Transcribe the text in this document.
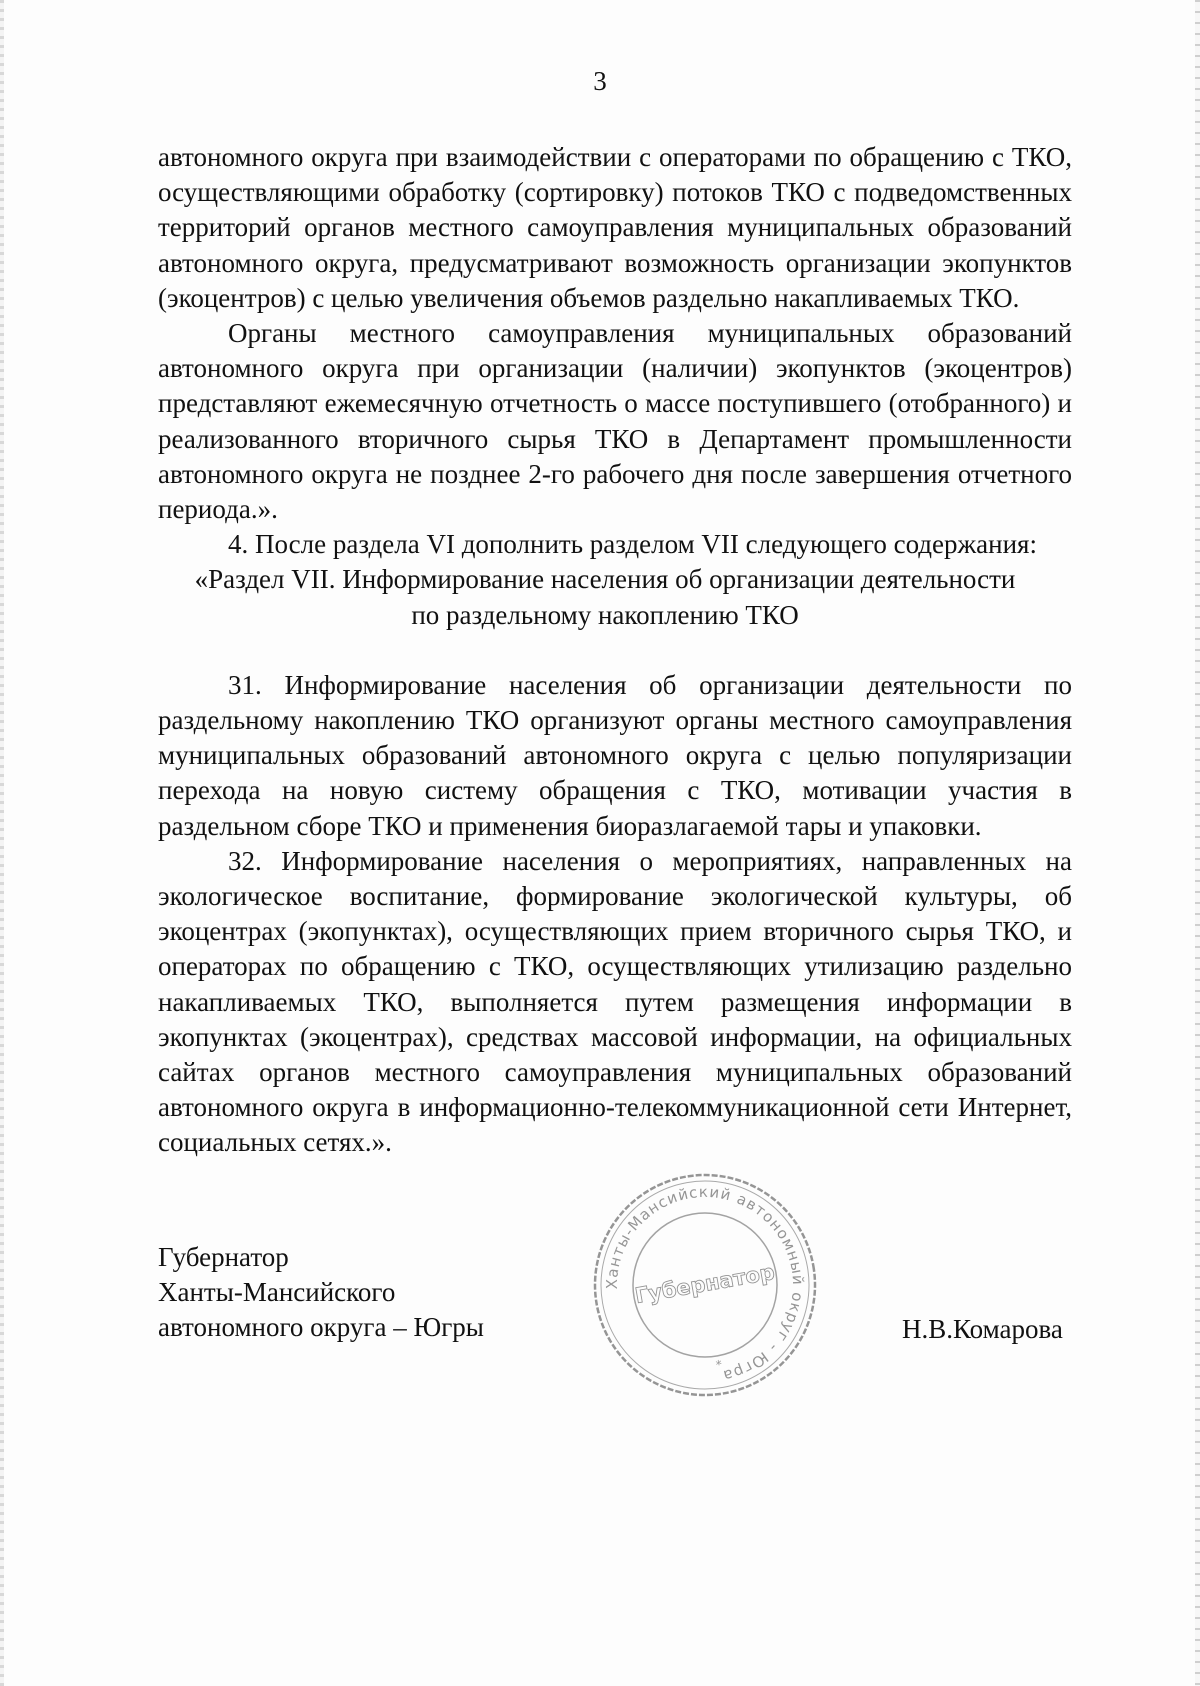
3

автономного округа при взаимодействии с операторами по обращению с ТКО, осуществляющими обработку (сортировку) потоков ТКО с подведомственных территорий органов местного самоуправления муниципальных образований автономного округа, предусматривают возможность организации экопунктов (экоцентров) с целью увеличения объемов раздельно накапливаемых ТКО.

Органы местного самоуправления муниципальных образований автономного округа при организации (наличии) экопунктов (экоцентров) представляют ежемесячную отчетность о массе поступившего (отобранного) и реализованного вторичного сырья ТКО в Департамент промышленности автономного округа не позднее 2-го рабочего дня после завершения отчетного периода.».

4. После раздела VI дополнить разделом VII следующего содержания:

«Раздел VII. Информирование населения об организации деятельности

по раздельному накоплению ТКО

31. Информирование населения об организации деятельности по раздельному накоплению ТКО организуют органы местного самоуправления муниципальных образований автономного округа с целью популяризации перехода на новую систему обращения с ТКО, мотивации участия в раздельном сборе ТКО и применения биоразлагаемой тары и упаковки.

32. Информирование населения о мероприятиях, направленных на экологическое воспитание, формирование экологической культуры, об экоцентрах (экопунктах), осуществляющих прием вторичного сырья ТКО, и операторах по обращению с ТКО, осуществляющих утилизацию раздельно накапливаемых ТКО, выполняется путем размещения информации в экопунктах (экоцентрах), средствах массовой информации, на официальных сайтах органов местного самоуправления муниципальных образований автономного округа в информационно-телекоммуникационной сети Интернет, социальных сетях.».

Губернатор
Ханты-Мансийского
автономного округа – Югры
Ханты-Мансийский автономный округ - Югра
Губернатор
*
Н.В.Комарова
